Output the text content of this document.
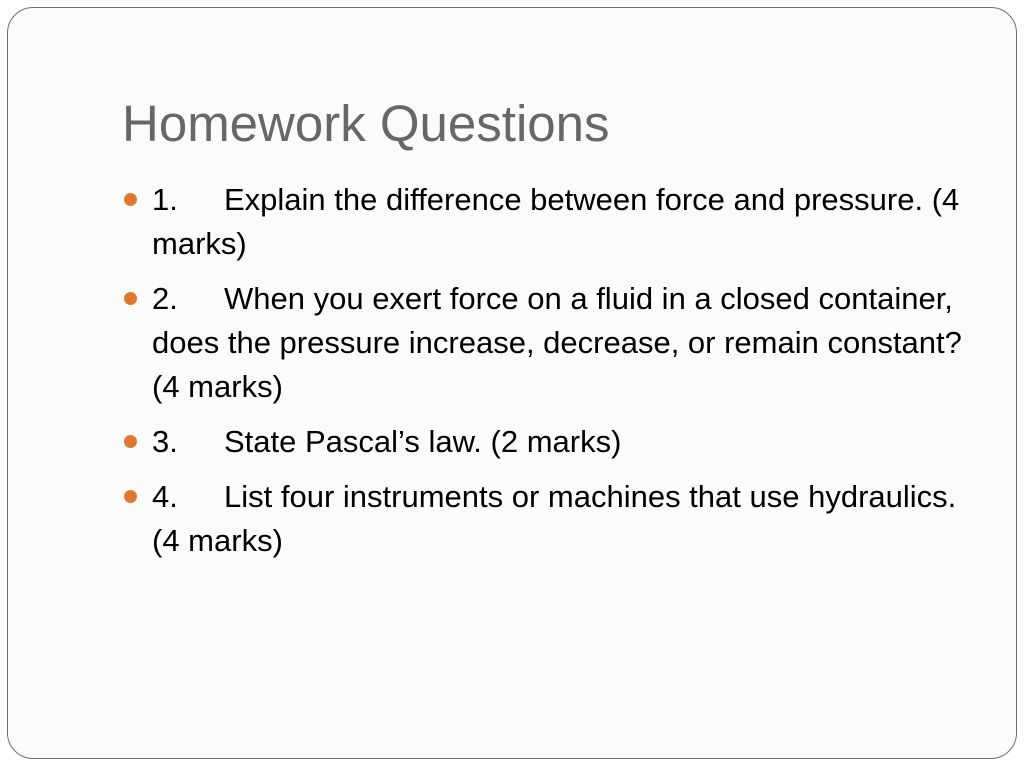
Homework Questions
1. Explain the difference between force and pressure. (4 marks)
2. When you exert force on a fluid in a closed container, does the pressure increase, decrease, or remain constant? (4 marks)
3. State Pascal’s law. (2 marks)
4. List four instruments or machines that use hydraulics. (4 marks)
